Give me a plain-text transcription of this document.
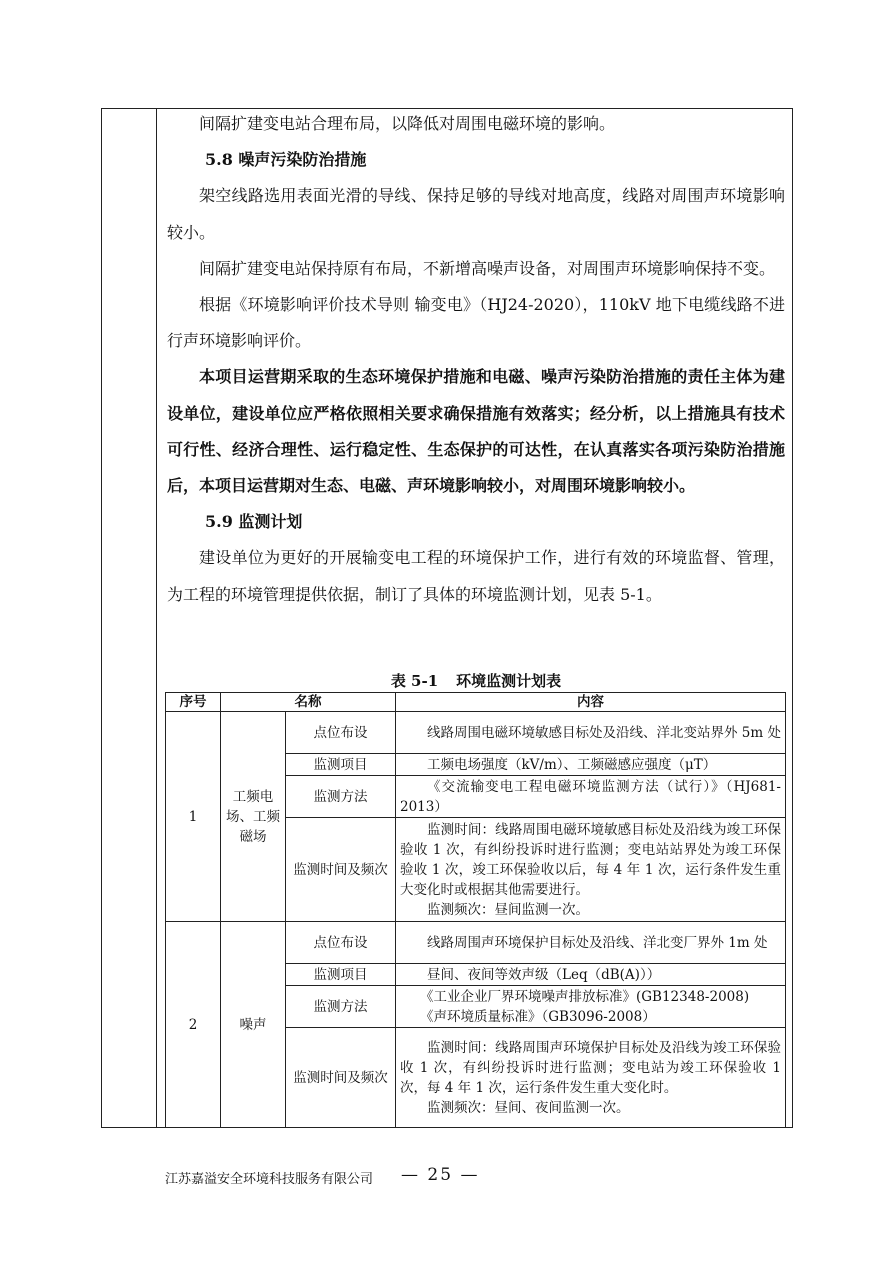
间隔扩建变电站合理布局，以降低对周围电磁环境的影响。

5.8 噪声污染防治措施

架空线路选用表面光滑的导线、保持足够的导线对地高度，线路对周围声环境影响较小。

间隔扩建变电站保持原有布局，不新增高噪声设备，对周围声环境影响保持不变。

根据《环境影响评价技术导则 输变电》（HJ24-2020），110kV 地下电缆线路不进行声环境影响评价。

本项目运营期采取的生态环境保护措施和电磁、噪声污染防治措施的责任主体为建设单位，建设单位应严格依照相关要求确保措施有效落实；经分析，以上措施具有技术可行性、经济合理性、运行稳定性、生态保护的可达性，在认真落实各项污染防治措施后，本项目运营期对生态、电磁、声环境影响较小，对周围环境影响较小。

5.9 监测计划

建设单位为更好的开展输变电工程的环境保护工作，进行有效的环境监督、管理，为工程的环境管理提供依据，制订了具体的环境监测计划，见表 5-1。

表 5-1 环境监测计划表
序号	名称		内容
1	工频电场、工频磁场	点位布设	线路周围电磁环境敏感目标处及沿线、洋北变站界外 5m 处
		监测项目	工频电场强度（kV/m）、工频磁感应强度（μT）
		监测方法	《交流输变电工程电磁环境监测方法（试行）》（HJ681-2013）
		监测时间及频次	监测时间：线路周围电磁环境敏感目标处及沿线为竣工环保验收 1 次，有纠纷投诉时进行监测；变电站站界处为竣工环保验收 1 次，竣工环保验收以后，每 4 年 1 次，运行条件发生重大变化时或根据其他需要进行。
监测频次：昼间监测一次。

2	噪声	点位布设	线路周围声环境保护目标处及沿线、洋北变厂界外 1m 处
		监测项目	昼间、夜间等效声级（Leq（dB(A)））
		监测方法	《工业企业厂界环境噪声排放标准》(GB12348-2008)
《声环境质量标准》（GB3096-2008）

		监测时间及频次	监测时间：线路周围声环境保护目标处及沿线为竣工环保验收 1 次，有纠纷投诉时进行监测；变电站为竣工环保验收 1 次，每 4 年 1 次，运行条件发生重大变化时。
监测频次：昼间、夜间监测一次。
江苏嘉溢安全环境科技服务有限公司 — 25 —
